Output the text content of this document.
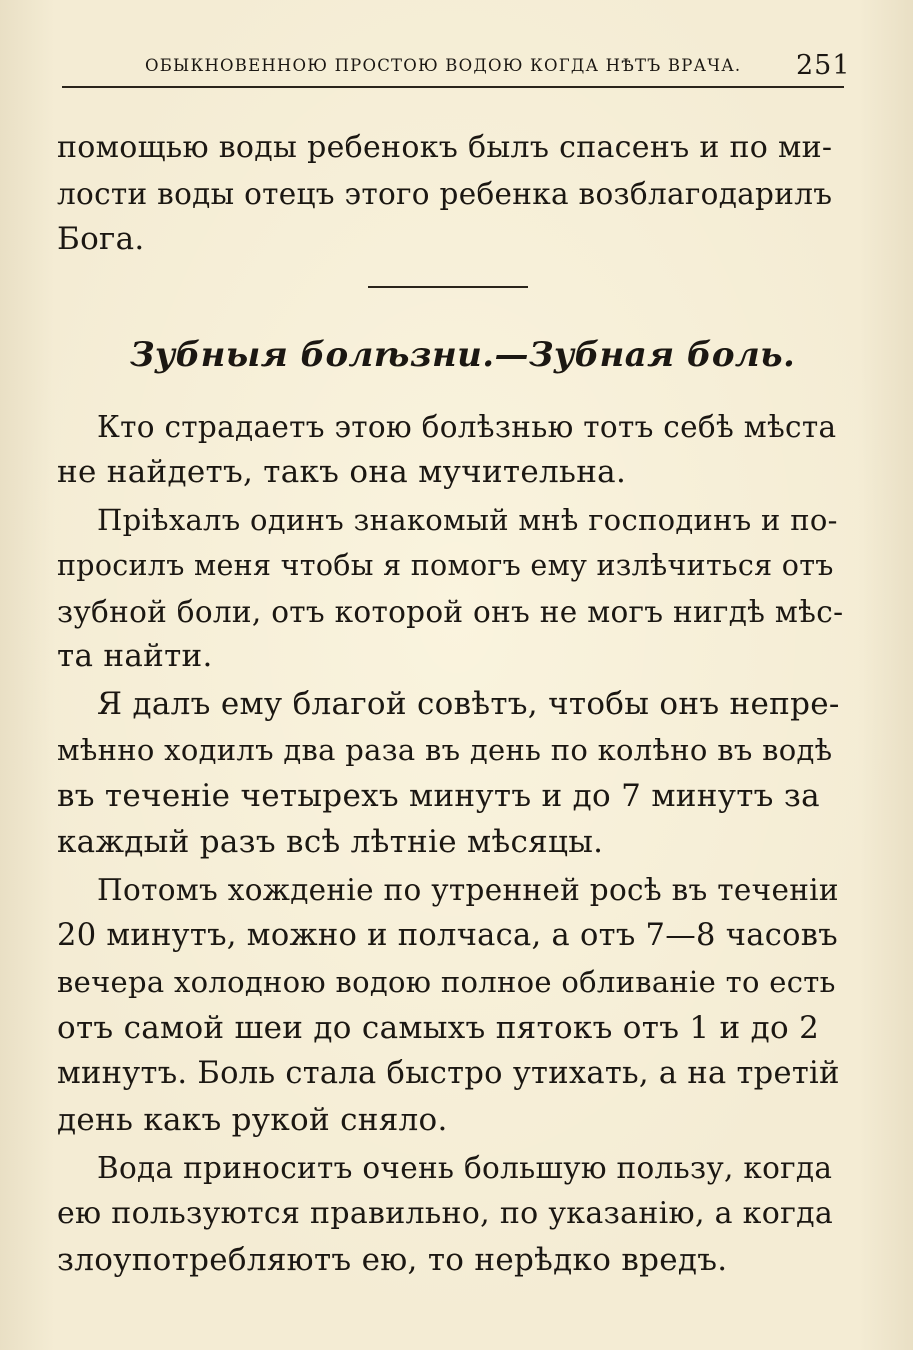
ОБЫКНОВЕННОЮ ПРОСТОЮ ВОДОЮ КОГДА НѢТЪ ВРАЧА. 251
помощью воды ребенокъ былъ спасенъ и по ми-
лости воды отецъ этого ребенка возблагодарилъ
Бога.
Зубныя болѣзни.—Зубная боль.
Кто страдаетъ этою болѣзнью тотъ себѣ мѣста
не найдетъ, такъ она мучительна.
Пріѣхалъ одинъ знакомый мнѣ господинъ и по-
просилъ меня чтобы я помогъ ему излѣчиться отъ
зубной боли, отъ которой онъ не могъ нигдѣ мѣс-
та найти.
Я далъ ему благой совѣтъ, чтобы онъ непре-
мѣнно ходилъ два раза въ день по колѣно въ водѣ
въ теченіе четырехъ минутъ и до 7 минутъ за
каждый разъ всѣ лѣтніе мѣсяцы.
Потомъ хожденіе по утренней росѣ въ теченіи
20 минутъ, можно и полчаса, а отъ 7—8 часовъ
вечера холодною водою полное обливаніе то есть
отъ самой шеи до самыхъ пятокъ отъ 1 и до 2
минутъ. Боль стала быстро утихать, а на третій
день какъ рукой сняло.
Вода приноситъ очень большую пользу, когда
ею пользуются правильно, по указанію, а когда
злоупотребляютъ ею, то нерѣдко вредъ.
